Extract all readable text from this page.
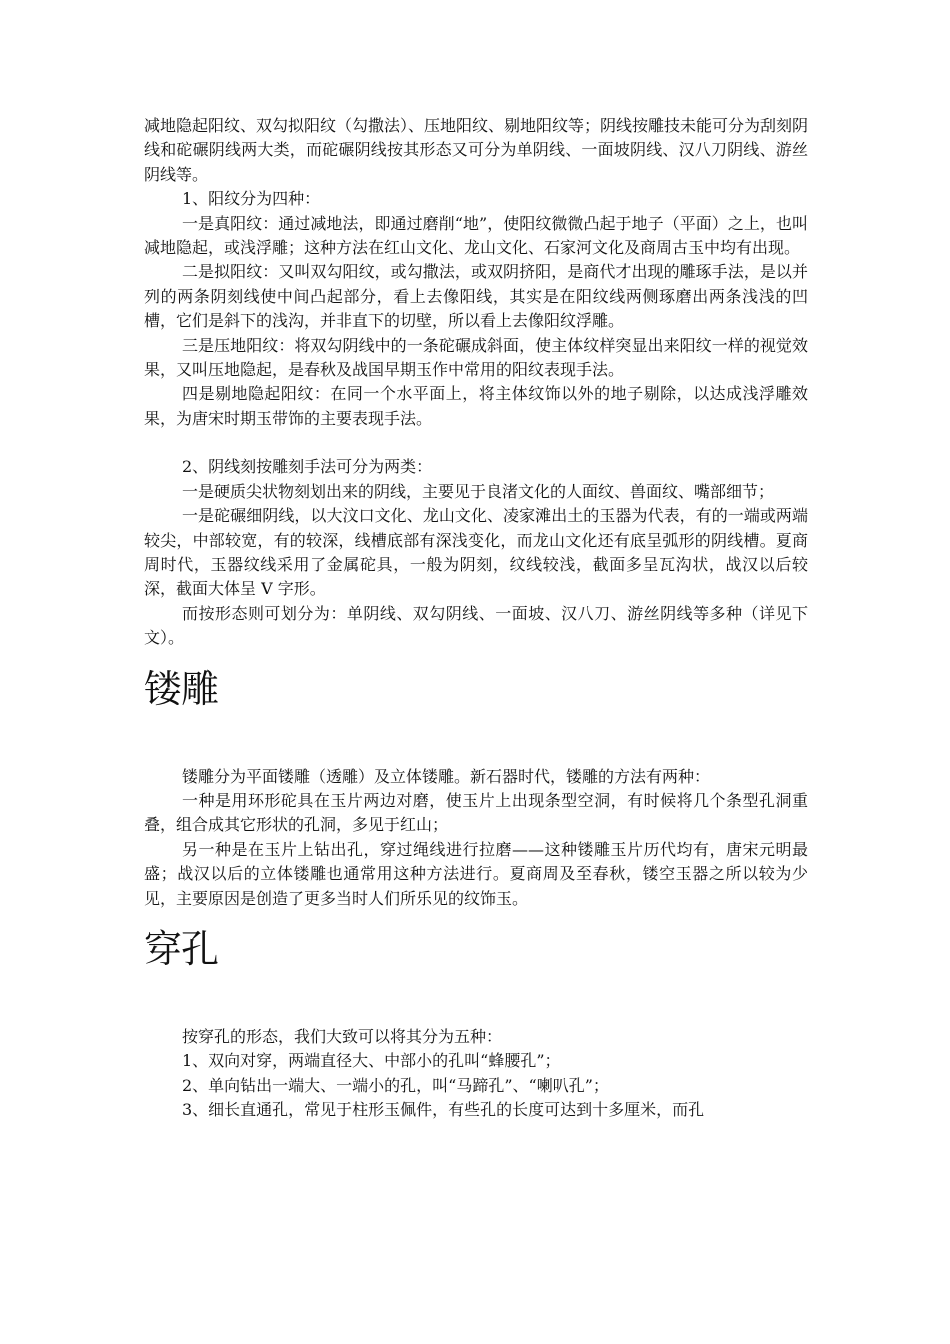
减地隐起阳纹、双勾拟阳纹（勾撒法）、压地阳纹、剔地阳纹等；阴线按雕技未能可分为刮刻阴线和砣碾阴线两大类，而砣碾阴线按其形态又可分为单阴线、一面坡阴线、汉八刀阴线、游丝阴线等。

1、阳纹分为四种：

一是真阳纹：通过减地法，即通过磨削“地”，使阳纹微微凸起于地子（平面）之上，也叫减地隐起，或浅浮雕；这种方法在红山文化、龙山文化、石家河文化及商周古玉中均有出现。

二是拟阳纹：又叫双勾阳纹，或勾撒法，或双阴挤阳，是商代才出现的雕琢手法，是以并列的两条阴刻线使中间凸起部分，看上去像阳线，其实是在阳纹线两侧琢磨出两条浅浅的凹槽，它们是斜下的浅沟，并非直下的切壁，所以看上去像阳纹浮雕。

三是压地阳纹：将双勾阴线中的一条砣碾成斜面，使主体纹样突显出来阳纹一样的视觉效果，又叫压地隐起，是春秋及战国早期玉作中常用的阳纹表现手法。

四是剔地隐起阳纹：在同一个水平面上，将主体纹饰以外的地子剔除，以达成浅浮雕效果，为唐宋时期玉带饰的主要表现手法。

2、阴线刻按雕刻手法可分为两类：

一是硬质尖状物刻划出来的阴线，主要见于良渚文化的人面纹、兽面纹、嘴部细节；

一是砣碾细阴线，以大汶口文化、龙山文化、凌家滩出土的玉器为代表，有的一端或两端较尖，中部较宽，有的较深，线槽底部有深浅变化，而龙山文化还有底呈弧形的阴线槽。夏商周时代，玉器纹线采用了金属砣具，一般为阴刻，纹线较浅，截面多呈瓦沟状，战汉以后较深，截面大体呈 V 字形。

而按形态则可划分为：单阴线、双勾阴线、一面坡、汉八刀、游丝阴线等多种（详见下文）。

镂雕

镂雕分为平面镂雕（透雕）及立体镂雕。新石器时代，镂雕的方法有两种：

一种是用环形砣具在玉片两边对磨，使玉片上出现条型空洞，有时候将几个条型孔洞重叠，组合成其它形状的孔洞，多见于红山；

另一种是在玉片上钻出孔，穿过绳线进行拉磨——这种镂雕玉片历代均有，唐宋元明最盛；战汉以后的立体镂雕也通常用这种方法进行。夏商周及至春秋，镂空玉器之所以较为少见，主要原因是创造了更多当时人们所乐见的纹饰玉。

穿孔

按穿孔的形态，我们大致可以将其分为五种：

1、双向对穿，两端直径大、中部小的孔叫“蜂腰孔”；

2、单向钻出一端大、一端小的孔，叫“马蹄孔”、“喇叭孔”；

3、细长直通孔，常见于柱形玉佩件，有些孔的长度可达到十多厘米，而孔
